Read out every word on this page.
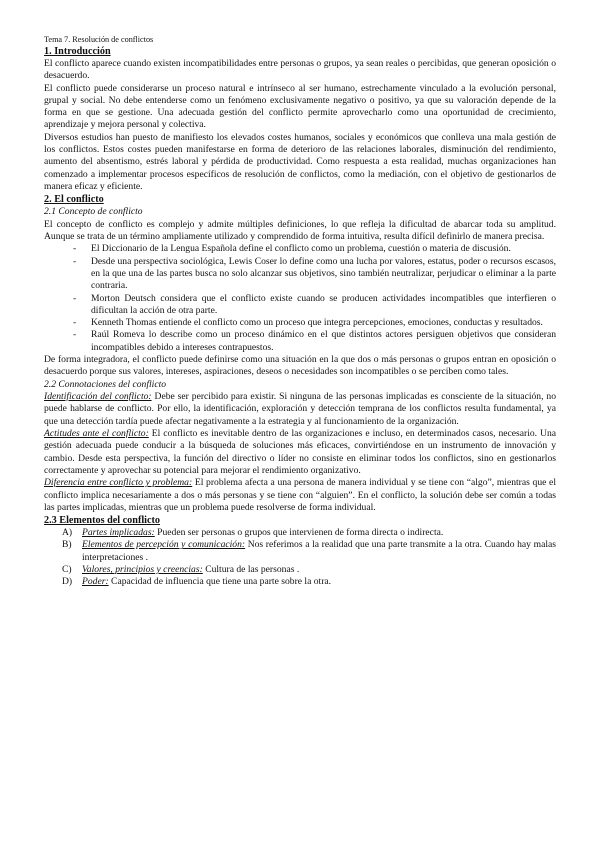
Tema 7. Resolución de conflictos
1. Introducción

El conflicto aparece cuando existen incompatibilidades entre personas o grupos, ya sean reales o percibidas, que generan oposición o desacuerdo.

El conflicto puede considerarse un proceso natural e intrínseco al ser humano, estrechamente vinculado a la evolución personal, grupal y social. No debe entenderse como un fenómeno exclusivamente negativo o positivo, ya que su valoración depende de la forma en que se gestione. Una adecuada gestión del conflicto permite aprovecharlo como una oportunidad de crecimiento, aprendizaje y mejora personal y colectiva.

Diversos estudios han puesto de manifiesto los elevados costes humanos, sociales y económicos que conlleva una mala gestión de los conflictos. Estos costes pueden manifestarse en forma de deterioro de las relaciones laborales, disminución del rendimiento, aumento del absentismo, estrés laboral y pérdida de productividad. Como respuesta a esta realidad, muchas organizaciones han comenzado a implementar procesos específicos de resolución de conflictos, como la mediación, con el objetivo de gestionarlos de manera eficaz y eficiente.

2. El conflicto
2.1 Concepto de conflicto

El concepto de conflicto es complejo y admite múltiples definiciones, lo que refleja la dificultad de abarcar toda su amplitud. Aunque se trata de un término ampliamente utilizado y comprendido de forma intuitiva, resulta difícil definirlo de manera precisa.

- El Diccionario de la Lengua Española define el conflicto como un problema, cuestión o materia de discusión.
- Desde una perspectiva sociológica, Lewis Coser lo define como una lucha por valores, estatus, poder o recursos escasos, en la que una de las partes busca no solo alcanzar sus objetivos, sino también neutralizar, perjudicar o eliminar a la parte contraria.
- Morton Deutsch considera que el conflicto existe cuando se producen actividades incompatibles que interfieren o dificultan la acción de otra parte.
- Kenneth Thomas entiende el conflicto como un proceso que integra percepciones, emociones, conductas y resultados.
- Raúl Romeva lo describe como un proceso dinámico en el que distintos actores persiguen objetivos que consideran incompatibles debido a intereses contrapuestos.

De forma integradora, el conflicto puede definirse como una situación en la que dos o más personas o grupos entran en oposición o desacuerdo porque sus valores, intereses, aspiraciones, deseos o necesidades son incompatibles o se perciben como tales.

2.2 Connotaciones del conflicto

Identificación del conflicto: Debe ser percibido para existir. Si ninguna de las personas implicadas es consciente de la situación, no puede hablarse de conflicto. Por ello, la identificación, exploración y detección temprana de los conflictos resulta fundamental, ya que una detección tardía puede afectar negativamente a la estrategia y al funcionamiento de la organización.

Actitudes ante el conflicto: El conflicto es inevitable dentro de las organizaciones e incluso, en determinados casos, necesario. Una gestión adecuada puede conducir a la búsqueda de soluciones más eficaces, convirtiéndose en un instrumento de innovación y cambio. Desde esta perspectiva, la función del directivo o líder no consiste en eliminar todos los conflictos, sino en gestionarlos correctamente y aprovechar su potencial para mejorar el rendimiento organizativo.

Diferencia entre conflicto y problema: El problema afecta a una persona de manera individual y se tiene con “algo”, mientras que el conflicto implica necesariamente a dos o más personas y se tiene con “alguien”. En el conflicto, la solución debe ser común a todas las partes implicadas, mientras que un problema puede resolverse de forma individual.

2.3 Elementos del conflicto
A) Partes implicadas: Pueden ser personas o grupos que intervienen de forma directa o indirecta.
B) Elementos de percepción y comunicación: Nos referimos a la realidad que una parte transmite a la otra. Cuando hay malas interpretaciones .
C) Valores, principios y creencias: Cultura de las personas .
D) Poder: Capacidad de influencia que tiene una parte sobre la otra.
